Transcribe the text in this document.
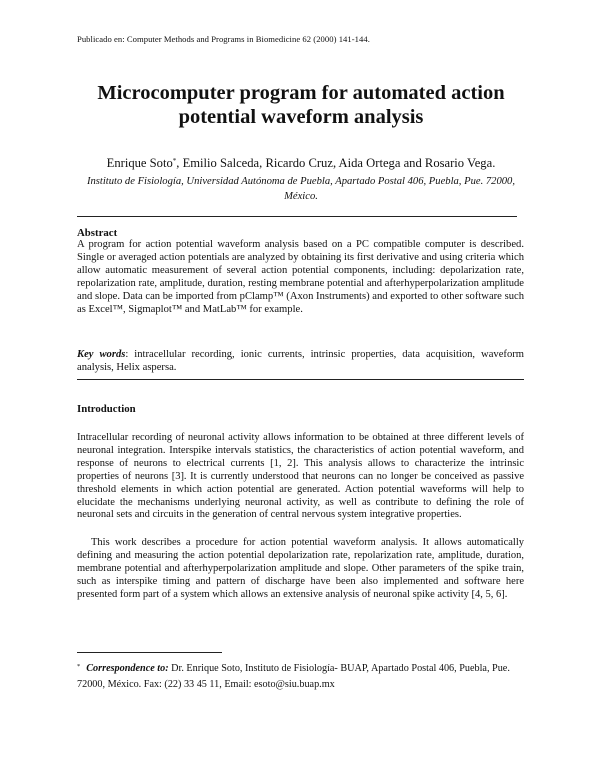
Publicado en: Computer Methods and Programs in Biomedicine 62 (2000) 141-144.
Microcomputer program for automated action
potential waveform analysis
Enrique Soto*, Emilio Salceda, Ricardo Cruz, Aida Ortega and Rosario Vega.
Instituto de Fisiología, Universidad Autónoma de Puebla, Apartado Postal 406, Puebla, Pue. 72000, México.
Abstract

A program for action potential waveform analysis based on a PC compatible computer is described. Single or averaged action potentials are analyzed by obtaining its first derivative and using criteria which allow automatic measurement of several action potential components, including: depolarization rate, repolarization rate, amplitude, duration, resting membrane potential and afterhyperpolarization amplitude and slope. Data can be imported from pClamp™ (Axon Instruments) and exported to other software such as Excel™, Sigmaplot™ and MatLab™ for example.

Key words: intracellular recording, ionic currents, intrinsic properties, data acquisition, waveform analysis, Helix aspersa.

Introduction

Intracellular recording of neuronal activity allows information to be obtained at three different levels of neuronal integration. Interspike intervals statistics, the characteristics of action potential waveform, and response of neurons to electrical currents [1, 2]. This analysis allows to characterize the intrinsic properties of neurons [3]. It is currently understood that neurons can no longer be conceived as passive threshold elements in which action potential are generated. Action potential waveforms will help to elucidate the mechanisms underlying neuronal activity, as well as contribute to defining the role of neuronal sets and circuits in the generation of central nervous system integrative properties.

This work describes a procedure for action potential waveform analysis. It allows automatically defining and measuring the action potential depolarization rate, repolarization rate, amplitude, duration, membrane potential and afterhyperpolarization amplitude and slope. Other parameters of the spike train, such as interspike timing and pattern of discharge have been also implemented and software here presented form part of a system which allows an extensive analysis of neuronal spike activity [4, 5, 6].

* Correspondence to: Dr. Enrique Soto, Instituto de Fisiología- BUAP, Apartado Postal 406, Puebla, Pue. 72000, México. Fax: (22) 33 45 11, Email: esoto@siu.buap.mx
